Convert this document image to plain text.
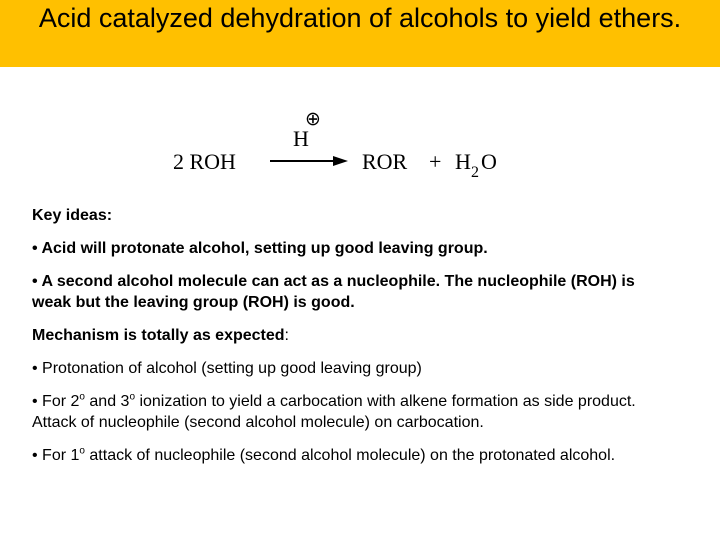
Acid catalyzed dehydration of alcohols to yield ethers.
H
⊕
2 ROH	ROR + H 2 O

Key ideas:

• Acid will protonate alcohol, setting up good leaving group.

• A second alcohol molecule can act as a nucleophile. The nucleophile (ROH) is weak but the leaving group (ROH) is good.

Mechanism is totally as expected:

• Protonation of alcohol (setting up good leaving group)

• For 2$^o$ and 3$^o$ ionization to yield a carbocation with alkene formation as side product. Attack of nucleophile (second alcohol molecule) on carbocation.

• For 1$^o$ attack of nucleophile (second alcohol molecule) on the protonated alcohol.
